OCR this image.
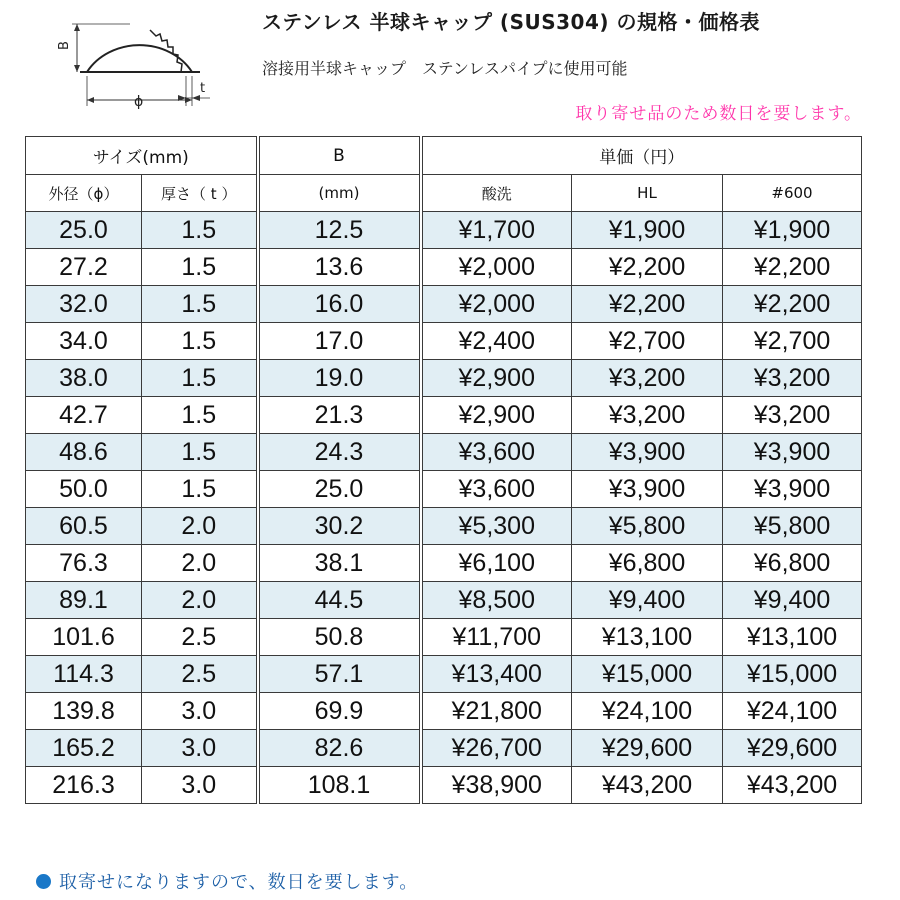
B
ϕ
t
ステンレス 半球キャップ (SUS304) の規格・価格表
溶接用半球キャップ　ステンレスパイプに使用可能
取り寄せ品のため数日を要します。
サイズ(mm)		B	単価（円）		
外径（ϕ）	厚さ（ t ）	(mm)	酸洗	HL	#600
25.0	1.5	12.5	¥1,700	¥1,900	¥1,900
27.2	1.5	13.6	¥2,000	¥2,200	¥2,200
32.0	1.5	16.0	¥2,000	¥2,200	¥2,200
34.0	1.5	17.0	¥2,400	¥2,700	¥2,700
38.0	1.5	19.0	¥2,900	¥3,200	¥3,200
42.7	1.5	21.3	¥2,900	¥3,200	¥3,200
48.6	1.5	24.3	¥3,600	¥3,900	¥3,900
50.0	1.5	25.0	¥3,600	¥3,900	¥3,900
60.5	2.0	30.2	¥5,300	¥5,800	¥5,800
76.3	2.0	38.1	¥6,100	¥6,800	¥6,800
89.1	2.0	44.5	¥8,500	¥9,400	¥9,400
101.6	2.5	50.8	¥11,700	¥13,100	¥13,100
114.3	2.5	57.1	¥13,400	¥15,000	¥15,000
139.8	3.0	69.9	¥21,800	¥24,100	¥24,100
165.2	3.0	82.6	¥26,700	¥29,600	¥29,600
216.3	3.0	108.1	¥38,900	¥43,200	¥43,200
取寄せになりますので、数日を要します。
